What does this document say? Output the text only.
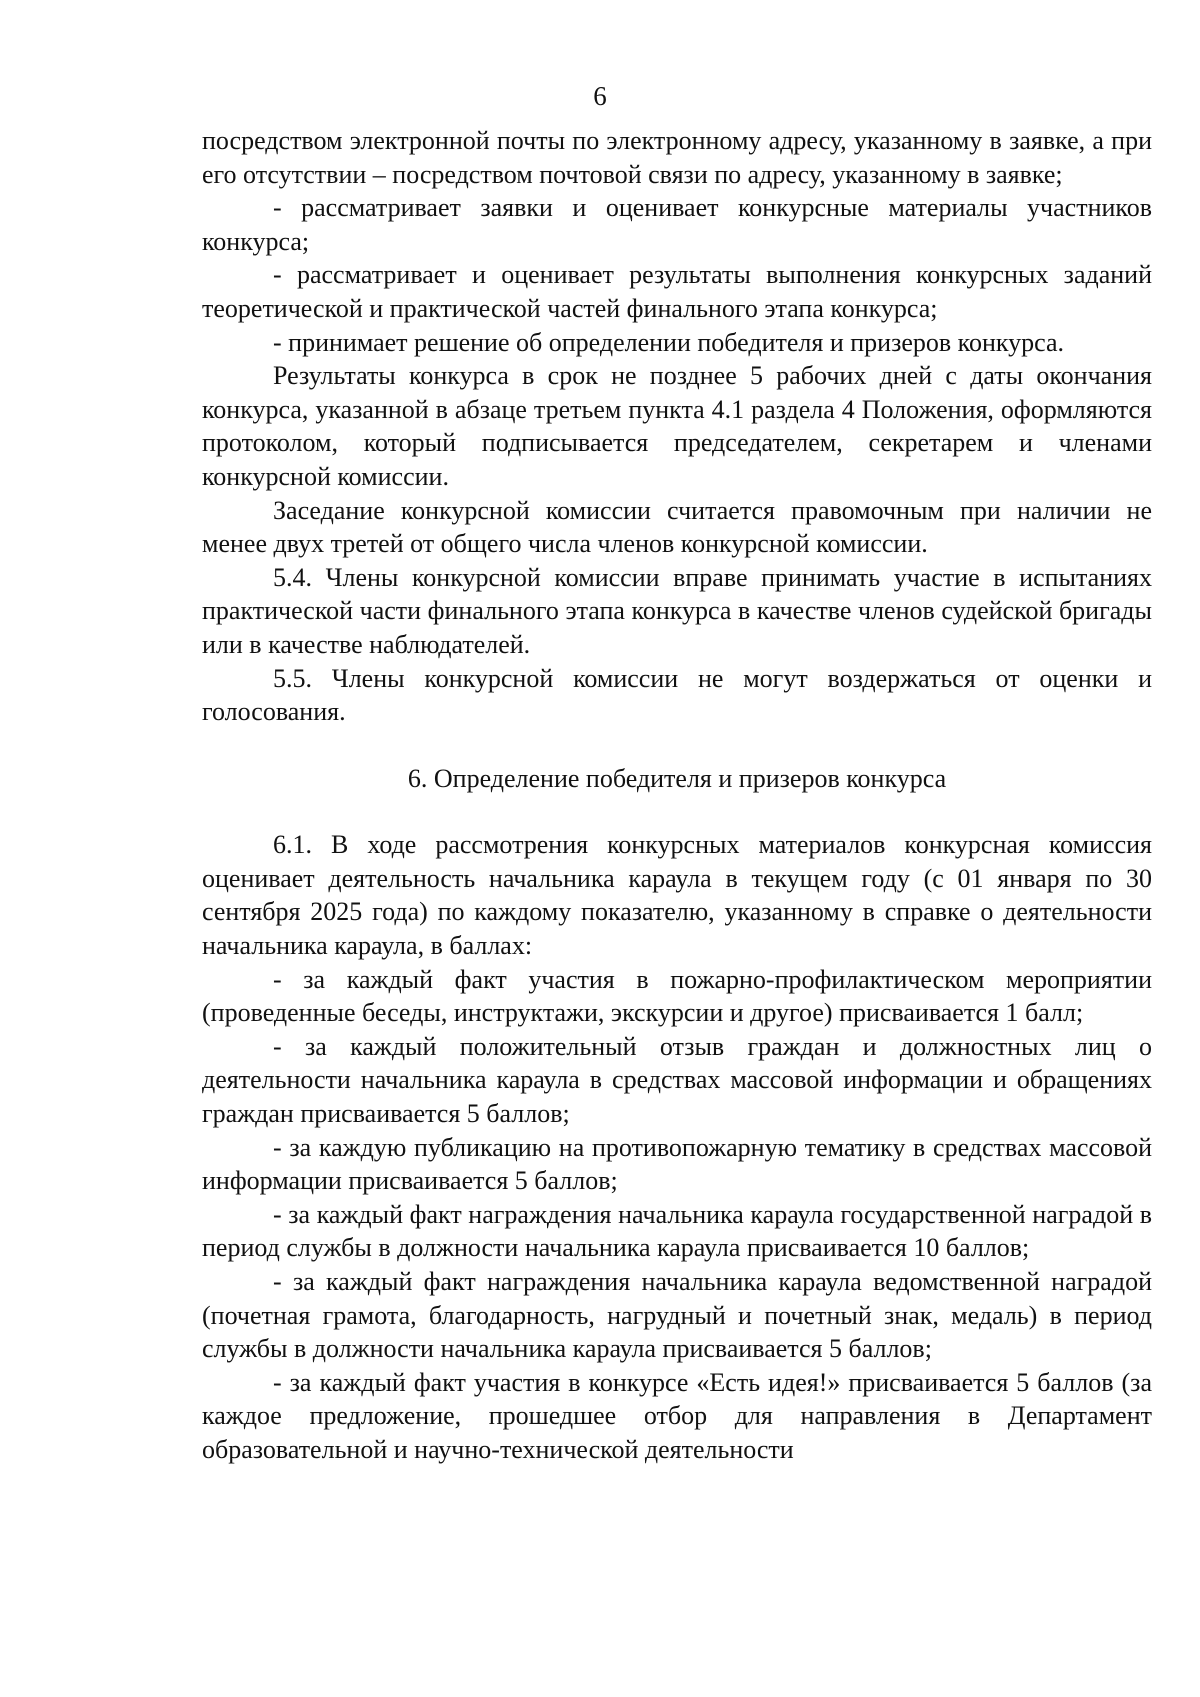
6

посредством электронной почты по электронному адресу, указанному в заявке, а при его отсутствии – посредством почтовой связи по адресу, указанному в заявке;

- рассматривает заявки и оценивает конкурсные материалы участников конкурса;

- рассматривает и оценивает результаты выполнения конкурсных заданий теоретической и практической частей финального этапа конкурса;

- принимает решение об определении победителя и призеров конкурса.

Результаты конкурса в срок не позднее 5 рабочих дней с даты окончания конкурса, указанной в абзаце третьем пункта 4.1 раздела 4 Положения, оформляются протоколом, который подписывается председателем, секретарем и членами конкурсной комиссии.

Заседание конкурсной комиссии считается правомочным при наличии не менее двух третей от общего числа членов конкурсной комиссии.

5.4. Члены конкурсной комиссии вправе принимать участие в испытаниях практической части финального этапа конкурса в качестве членов судейской бригады или в качестве наблюдателей.

5.5. Члены конкурсной комиссии не могут воздержаться от оценки и голосования.

6. Определение победителя и призеров конкурса

6.1. В ходе рассмотрения конкурсных материалов конкурсная комиссия оценивает деятельность начальника караула в текущем году (с 01 января по 30 сентября 2025 года) по каждому показателю, указанному в справке о деятельности начальника караула, в баллах:

- за каждый факт участия в пожарно-профилактическом мероприятии (проведенные беседы, инструктажи, экскурсии и другое) присваивается 1 балл;

- за каждый положительный отзыв граждан и должностных лиц о деятельности начальника караула в средствах массовой информации и обращениях граждан присваивается 5 баллов;

- за каждую публикацию на противопожарную тематику в средствах массовой информации присваивается 5 баллов;

- за каждый факт награждения начальника караула государственной наградой в период службы в должности начальника караула присваивается 10 баллов;

- за каждый факт награждения начальника караула ведомственной наградой (почетная грамота, благодарность, нагрудный и почетный знак, медаль) в период службы в должности начальника караула присваивается 5 баллов;

- за каждый факт участия в конкурсе «Есть идея!» присваивается 5 баллов (за каждое предложение, прошедшее отбор для направления в Департамент образовательной и научно-технической деятельности
